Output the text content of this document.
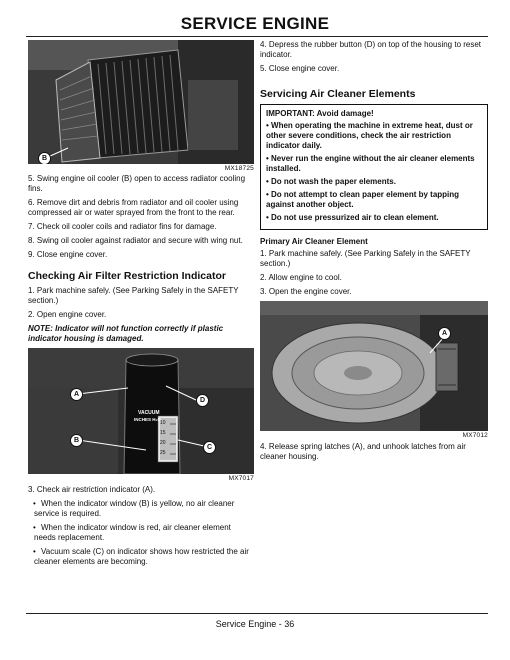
SERVICE ENGINE
B
MX18725

5. Swing engine oil cooler (B) open to access radiator cooling fins.

6. Remove dirt and debris from radiator and oil cooler using compressed air or water sprayed from the front to the rear.

7. Check oil cooler coils and radiator fins for damage.

8. Swing oil cooler against radiator and secure with wing nut.

9. Close engine cover.

Checking Air Filter Restriction Indicator

1. Park machine safely. (See Parking Safely in the SAFETY section.)

2. Open engine cover.

NOTE: Indicator will not function correctly if plastic indicator housing is damaged.

VACUUM
INCHES H₂O
10
15
20
25
A
D
B
C
MX7017

3. Check air restriction indicator (A).

• When the indicator window (B) is yellow, no air cleaner service is required.
• When the indicator window is red, air cleaner element needs replacement.
• Vacuum scale (C) on indicator shows how restricted the air cleaner elements are becoming.

4. Depress the rubber button (D) on top of the housing to reset indicator.

5. Close engine cover.

Servicing Air Cleaner Elements
IMPORTANT: Avoid damage!
• When operating the machine in extreme heat, dust or other severe conditions, check the air restriction indicator daily.
• Never run the engine without the air cleaner elements installed.
• Do not wash the paper elements.
• Do not attempt to clean paper element by tapping against another object.
• Do not use pressurized air to clean element.
Primary Air Cleaner Element

1. Park machine safely. (See Parking Safely in the SAFETY section.)

2. Allow engine to cool.

3. Open the engine cover.

A
MX7012

4. Release spring latches (A), and unhook latches from air cleaner housing.

Service Engine - 36
